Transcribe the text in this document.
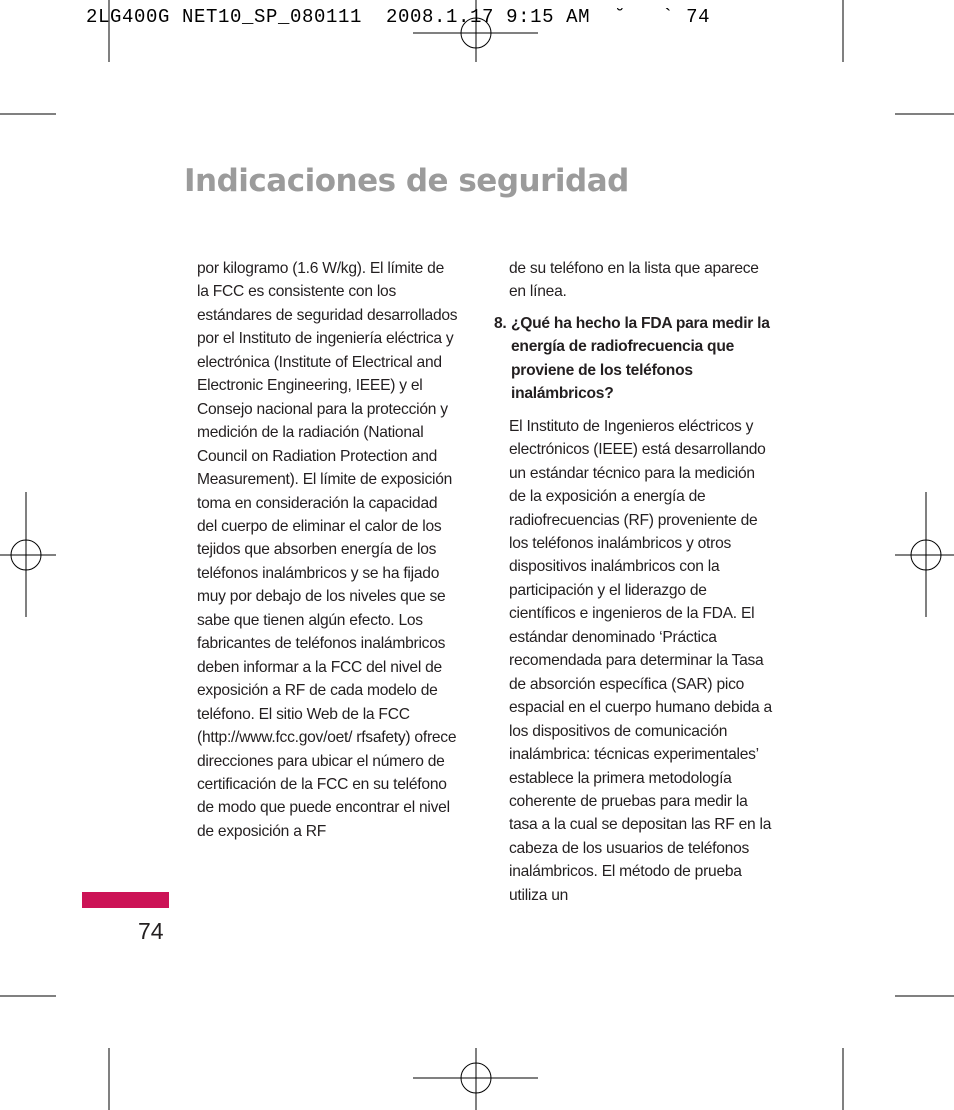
2LG400G NET10_SP_080111  2008.1.17 9:15 AM  ˘   ` 74
Indicaciones de seguridad

por kilogramo (1.6 W/kg). El límite de la FCC es consistente con los estándares de seguridad desarrollados por el Instituto de ingeniería eléctrica y electrónica (Institute of Electrical and Electronic Engineering, IEEE) y el Consejo nacional para la protección y medición de la radiación (National Council on Radiation Protection and Measurement). El límite de exposición toma en consideración la capacidad del cuerpo de eliminar el calor de los tejidos que absorben energía de los teléfonos inalámbricos y se ha fijado muy por debajo de los niveles que se sabe que tienen algún efecto. Los fabricantes de teléfonos inalámbricos deben informar a la FCC del nivel de exposición a RF de cada modelo de teléfono. El sitio Web de la FCC (http://www.fcc.gov/oet/ rfsafety) ofrece direcciones para ubicar el número de certificación de la FCC en su teléfono de modo que puede encontrar el nivel de exposición a RF

de su teléfono en la lista que aparece en línea.

8. ¿Qué ha hecho la FDA para medir la energía de radiofrecuencia que proviene de los teléfonos inalámbricos?

El Instituto de Ingenieros eléctricos y electrónicos (IEEE) está desarrollando un estándar técnico para la medición de la exposición a energía de radiofrecuencias (RF) proveniente de los teléfonos inalámbricos y otros dispositivos inalámbricos con la participación y el liderazgo de científicos e ingenieros de la FDA. El estándar denominado ‘Práctica recomendada para determinar la Tasa de absorción específica (SAR) pico espacial en el cuerpo humano debida a los dispositivos de comunicación inalámbrica: técnicas experimentales’ establece la primera metodología coherente de pruebas para medir la tasa a la cual se depositan las RF en la cabeza de los usuarios de teléfonos inalámbricos. El método de prueba utiliza un

74
